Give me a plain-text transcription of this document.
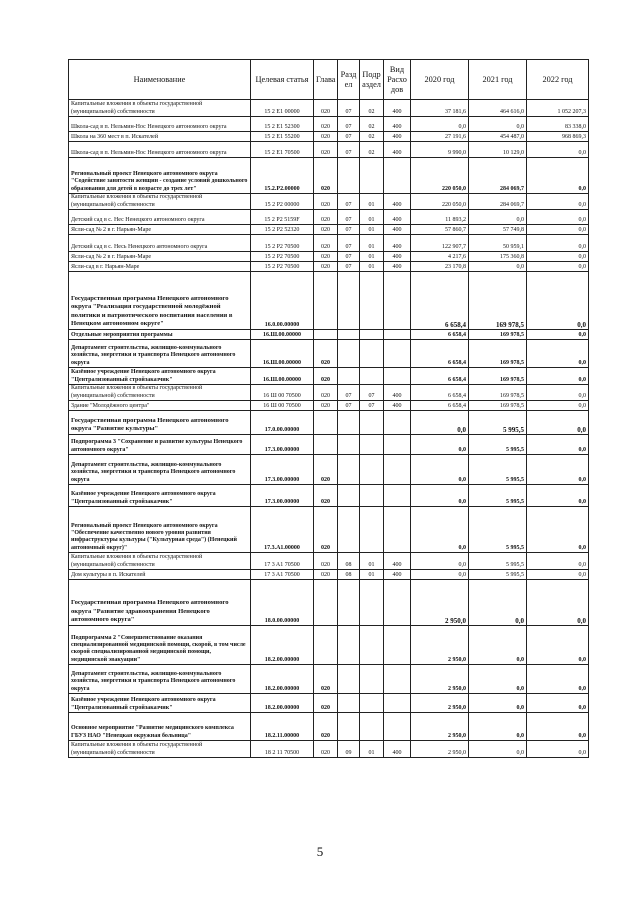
Наименование	Целевая статья	Глава	Разд ел	Подр аздел	Вид Расхо дов	2020 год	2021 год	2022 год
Капитальные вложения в объекты государственной (муниципальной) собственности	15 2 E1 00000	020	07	02	400	37 181,6	464 616,0	1 052 207,3
Школа-сад в п. Нельмин-Нос Ненецкого автономного округа	15 2 E1 52300	020	07	02	400	0,0	0,0	83 338,0
Школа на 360 мест в п. Искателей	15 2 E1 55200	020	07	02	400	27 191,6	454 487,0	968 869,3
Школа-сад в п. Нельмин-Нос Ненецкого автономного округа	15 2 E1 70500	020	07	02	400	9 990,0	10 129,0	0,0
Региональный проект Ненецкого автономного округа "Содействие занятости женщин - создание условий дошкольного образования для детей в возрасте до трех лет"	15.2.P2.00000	020				220 050,0	284 069,7	0,0
Капитальные вложения в объекты государственной (муниципальной) собственности	15 2 P2 00000	020	07	01	400	220 050,0	284 069,7	0,0
Детский сад в с. Нес Ненецкого автономного округа	15 2 P2 5159F	020	07	01	400	11 893,2	0,0	0,0
Ясли-сад № 2 в г. Нарьян-Маре	15 2 P2 52320	020	07	01	400	57 860,7	57 749,8	0,0
Детский сад в с. Несь Ненецкого автономного округа	15 2 P2 70500	020	07	01	400	122 907,7	50 959,1	0,0
Ясли-сад № 2 в г. Нарьян-Маре	15 2 P2 70500	020	07	01	400	4 217,6	175 360,8	0,0
Ясли-сад в г. Нарьян-Маре	15 2 P2 70500	020	07	01	400	23 170,8	0,0	0,0
Государственная программа Ненецкого автономного округа "Реализация государственной молодёжной политики и патриотического воспитания населения в Ненецком автономном округе"	16.0.00.00000					6 658,4	169 978,5	0,0
Отдельные мероприятия программы	16.Ш.00.00000					6 658,4	169 978,5	0,0
Департамент строительства, жилищно-коммунального хозяйства, энергетики и транспорта Ненецкого автономного округа	16.Ш.00.00000	020				6 658,4	169 978,5	0,0
Казённое учреждение Ненецкого автономного округа "Централизованный стройзаказчик"	16.Ш.00.00000	020				6 658,4	169 978,5	0,0
Капитальные вложения в объекты государственной (муниципальной) собственности	16 Ш 00 70500	020	07	07	400	6 658,4	169 978,5	0,0
Здание "Молодёжного центра"	16 Ш 00 70500	020	07	07	400	6 658,4	169 978,5	0,0
Государственная программа Ненецкого автономного округа "Развитие культуры"	17.0.00.00000					0,0	5 995,5	0,0
Подпрограмма 3 "Сохранение и развитие культуры Ненецкого автономного округа"	17.3.00.00000					0,0	5 995,5	0,0
Департамент строительства, жилищно-коммунального хозяйства, энергетики и транспорта Ненецкого автономного округа	17.3.00.00000	020				0,0	5 995,5	0,0
Казённое учреждение Ненецкого автономного округа "Централизованный стройзаказчик"	17.3.00.00000	020				0,0	5 995,5	0,0
Региональный проект Ненецкого автономного округа "Обеспечение качественно нового уровня развития инфраструктуры культуры ("Культурная среда") (Ненецкий автономный округ)"	17.3.A1.00000	020				0,0	5 995,5	0,0
Капитальные вложения в объекты государственной (муниципальной) собственности	17 3 A1 70500	020	08	01	400	0,0	5 995,5	0,0
Дом культуры в п. Искателей	17 3 A1 70500	020	08	01	400	0,0	5 995,5	0,0
Государственная программа Ненецкого автономного округа "Развитие здравоохранения Ненецкого автономного округа"	18.0.00.00000					2 950,0	0,0	0,0
Подпрограмма 2 "Совершенствование оказания специализированной медицинской помощи, скорой, в том числе скорой специализированной медицинской помощи, медицинской эвакуации"	18.2.00.00000					2 950,0	0,0	0,0
Департамент строительства, жилищно-коммунального хозяйства, энергетики и транспорта Ненецкого автономного округа	18.2.00.00000	020				2 950,0	0,0	0,0
Казённое учреждение Ненецкого автономного округа "Централизованный стройзаказчик"	18.2.00.00000	020				2 950,0	0,0	0,0
Основное мероприятие "Развитие медицинского комплекса ГБУЗ НАО "Ненецкая окружная больница"	18.2.11.00000	020				2 950,0	0,0	0,0
Капитальные вложения в объекты государственной (муниципальной) собственности	18 2 11 70500	020	09	01	400	2 950,0	0,0	0,0
5
